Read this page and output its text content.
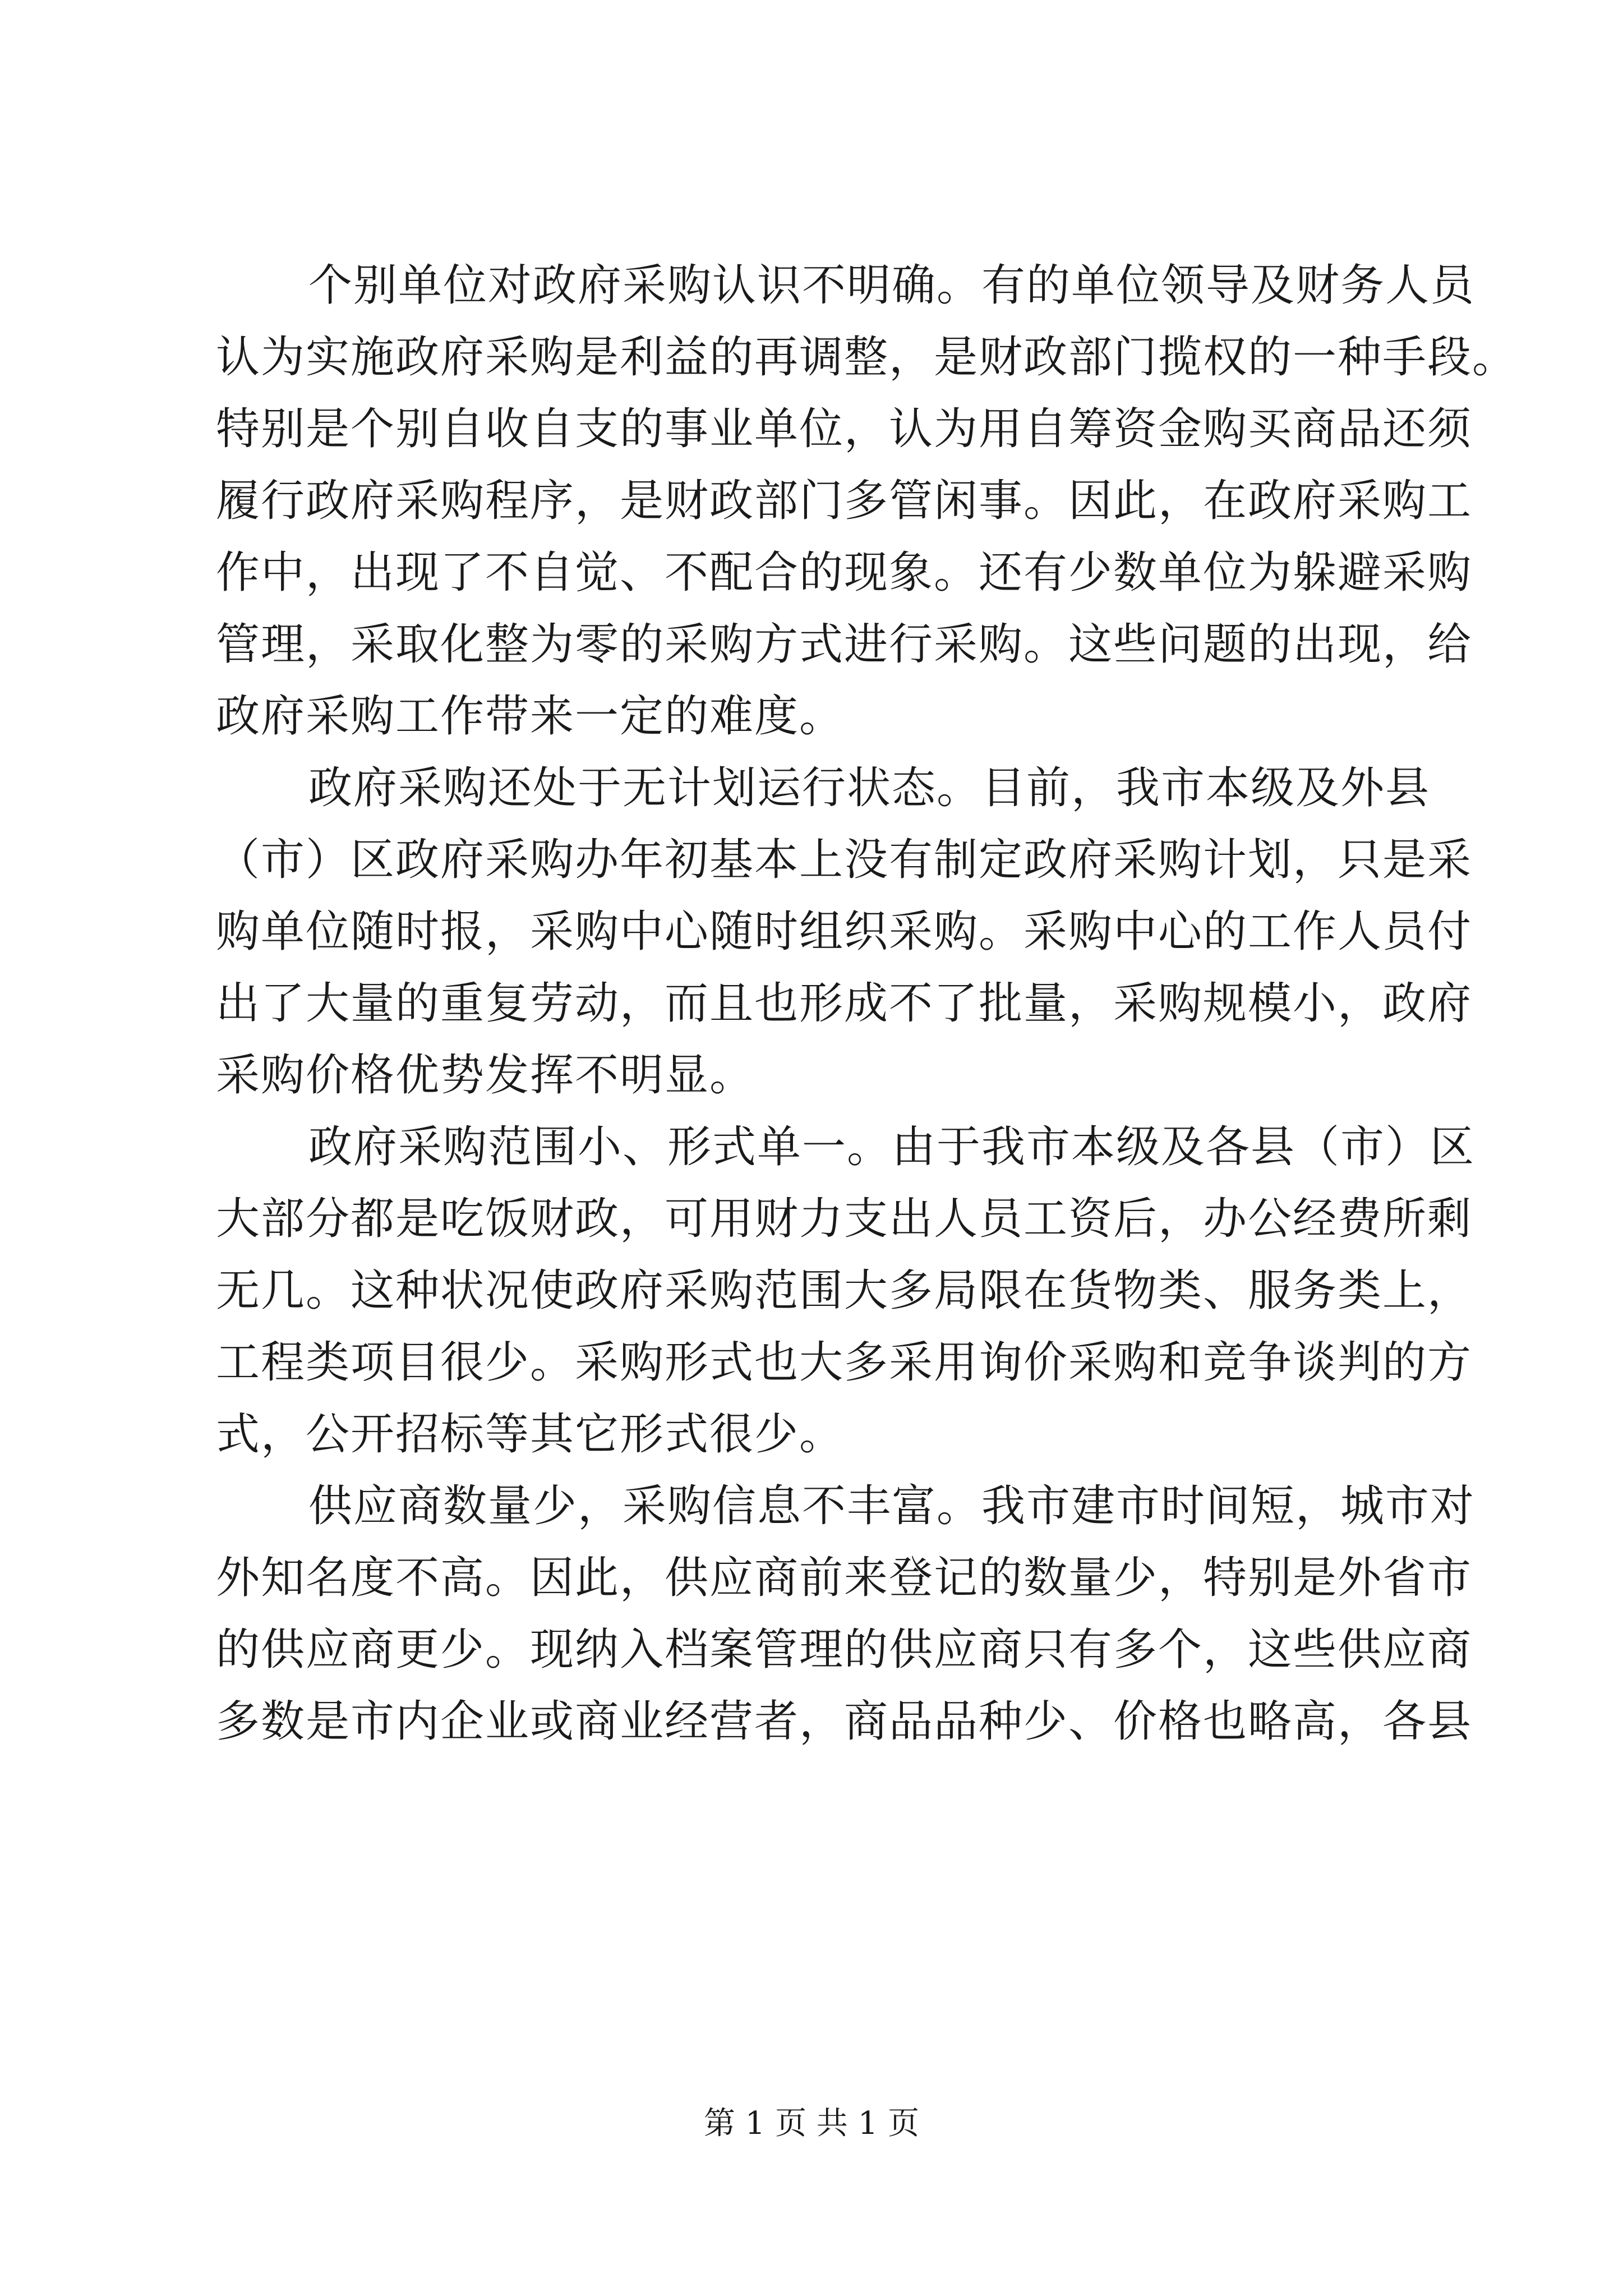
个别单位对政府采购认识不明确。有的单位领导及财务人员
认为实施政府采购是利益的再调整，是财政部门揽权的一种手段。
特别是个别自收自支的事业单位，认为用自筹资金购买商品还须
履行政府采购程序，是财政部门多管闲事。因此，在政府采购工
作中，出现了不自觉、不配合的现象。还有少数单位为躲避采购
管理，采取化整为零的采购方式进行采购。这些问题的出现，给
政府采购工作带来一定的难度。
政府采购还处于无计划运行状态。目前，我市本级及外县
（市）区政府采购办年初基本上没有制定政府采购计划，只是采
购单位随时报，采购中心随时组织采购。采购中心的工作人员付
出了大量的重复劳动，而且也形成不了批量，采购规模小，政府
采购价格优势发挥不明显。
政府采购范围小、形式单一。由于我市本级及各县（市）区
大部分都是吃饭财政，可用财力支出人员工资后，办公经费所剩
无几。这种状况使政府采购范围大多局限在货物类、服务类上，
工程类项目很少。采购形式也大多采用询价采购和竞争谈判的方
式，公开招标等其它形式很少。
供应商数量少，采购信息不丰富。我市建市时间短，城市对
外知名度不高。因此，供应商前来登记的数量少，特别是外省市
的供应商更少。现纳入档案管理的供应商只有多个，这些供应商
多数是市内企业或商业经营者，商品品种少、价格也略高，各县
第 1 页 共 1 页
